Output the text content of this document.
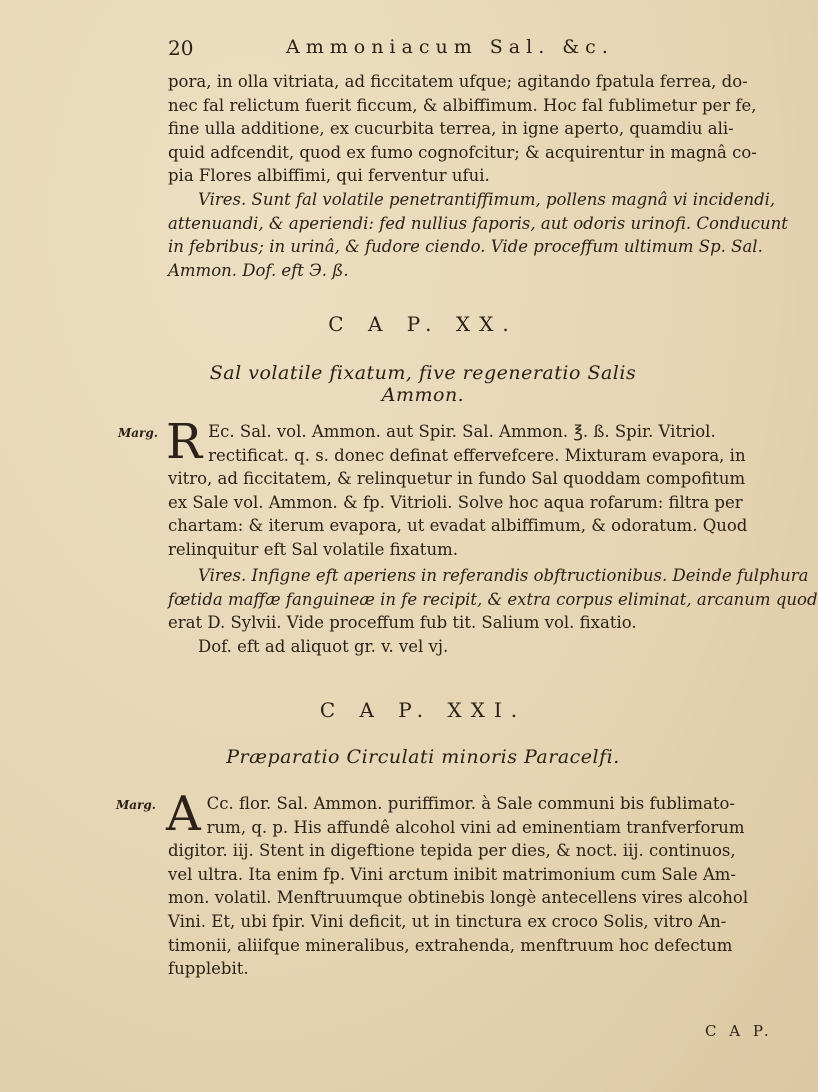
20	Ammoniacum Sal. &c.
pora, in olla vitriata, ad ficcitatem ufque; agitando fpatula ferrea, do-
nec fal relictum fuerit ficcum, & albiffimum. Hoc fal fublimetur per fe,
fine ulla additione, ex cucurbita terrea, in igne aperto, quamdiu ali-
quid adfcendit, quod ex fumo cognofcitur; & acquirentur in magnâ co-
pia Flores albiffimi, qui ferventur ufui.
Vires. Sunt fal volatile penetrantiffimum, pollens magnâ vi incidendi,
attenuandi, & aperiendi: fed nullius faporis, aut odoris urinofi. Conducunt
in febribus; in urinâ, & fudore ciendo. Vide proceffum ultimum Sp. Sal.
Ammon. Dof. eft Э. ß.
C A P. XX.
Sal volatile fixatum, five regeneratio Salis Ammon.
Marg. R Ec. Sal. vol. Ammon. aut Spir. Sal. Ammon. ℥. ß. Spir. Vitriol.
rectificat. q. s. donec definat effervefcere. Mixturam evapora, in
vitro, ad ficcitatem, & relinquetur in fundo Sal quoddam compofitum
ex Sale vol. Ammon. & fp. Vitrioli. Solve hoc aqua rofarum: filtra per
chartam: & iterum evapora, ut evadat albiffimum, & odoratum. Quod
relinquitur eft Sal volatile fixatum.
Vires. Infigne eft aperiens in referandis obftructionibus. Deinde fulphura
fœtida maffæ fanguineæ in fe recipit, & extra corpus eliminat, arcanum quod
erat D. Sylvii. Vide proceffum fub tit. Salium vol. fixatio.
Dof. eft ad aliquot gr. v. vel vj.
C A P. XXI.
Præparatio Circulati minoris Paracelfi.
Marg. A Cc. flor. Sal. Ammon. puriffimor. à Sale communi bis fublimato-
rum, q. p. His affundê alcohol vini ad eminentiam tranfverforum
digitor. iij. Stent in digeftione tepida per dies, & noct. iij. continuos,
vel ultra. Ita enim fp. Vini arctum inibit matrimonium cum Sale Am-
mon. volatil. Menftruumque obtinebis longè antecellens vires alcohol
Vini. Et, ubi fpir. Vini deficit, ut in tinctura ex croco Solis, vitro An-
timonii, aliifque mineralibus, extrahenda, menftruum hoc defectum
fupplebit.
C A P.
